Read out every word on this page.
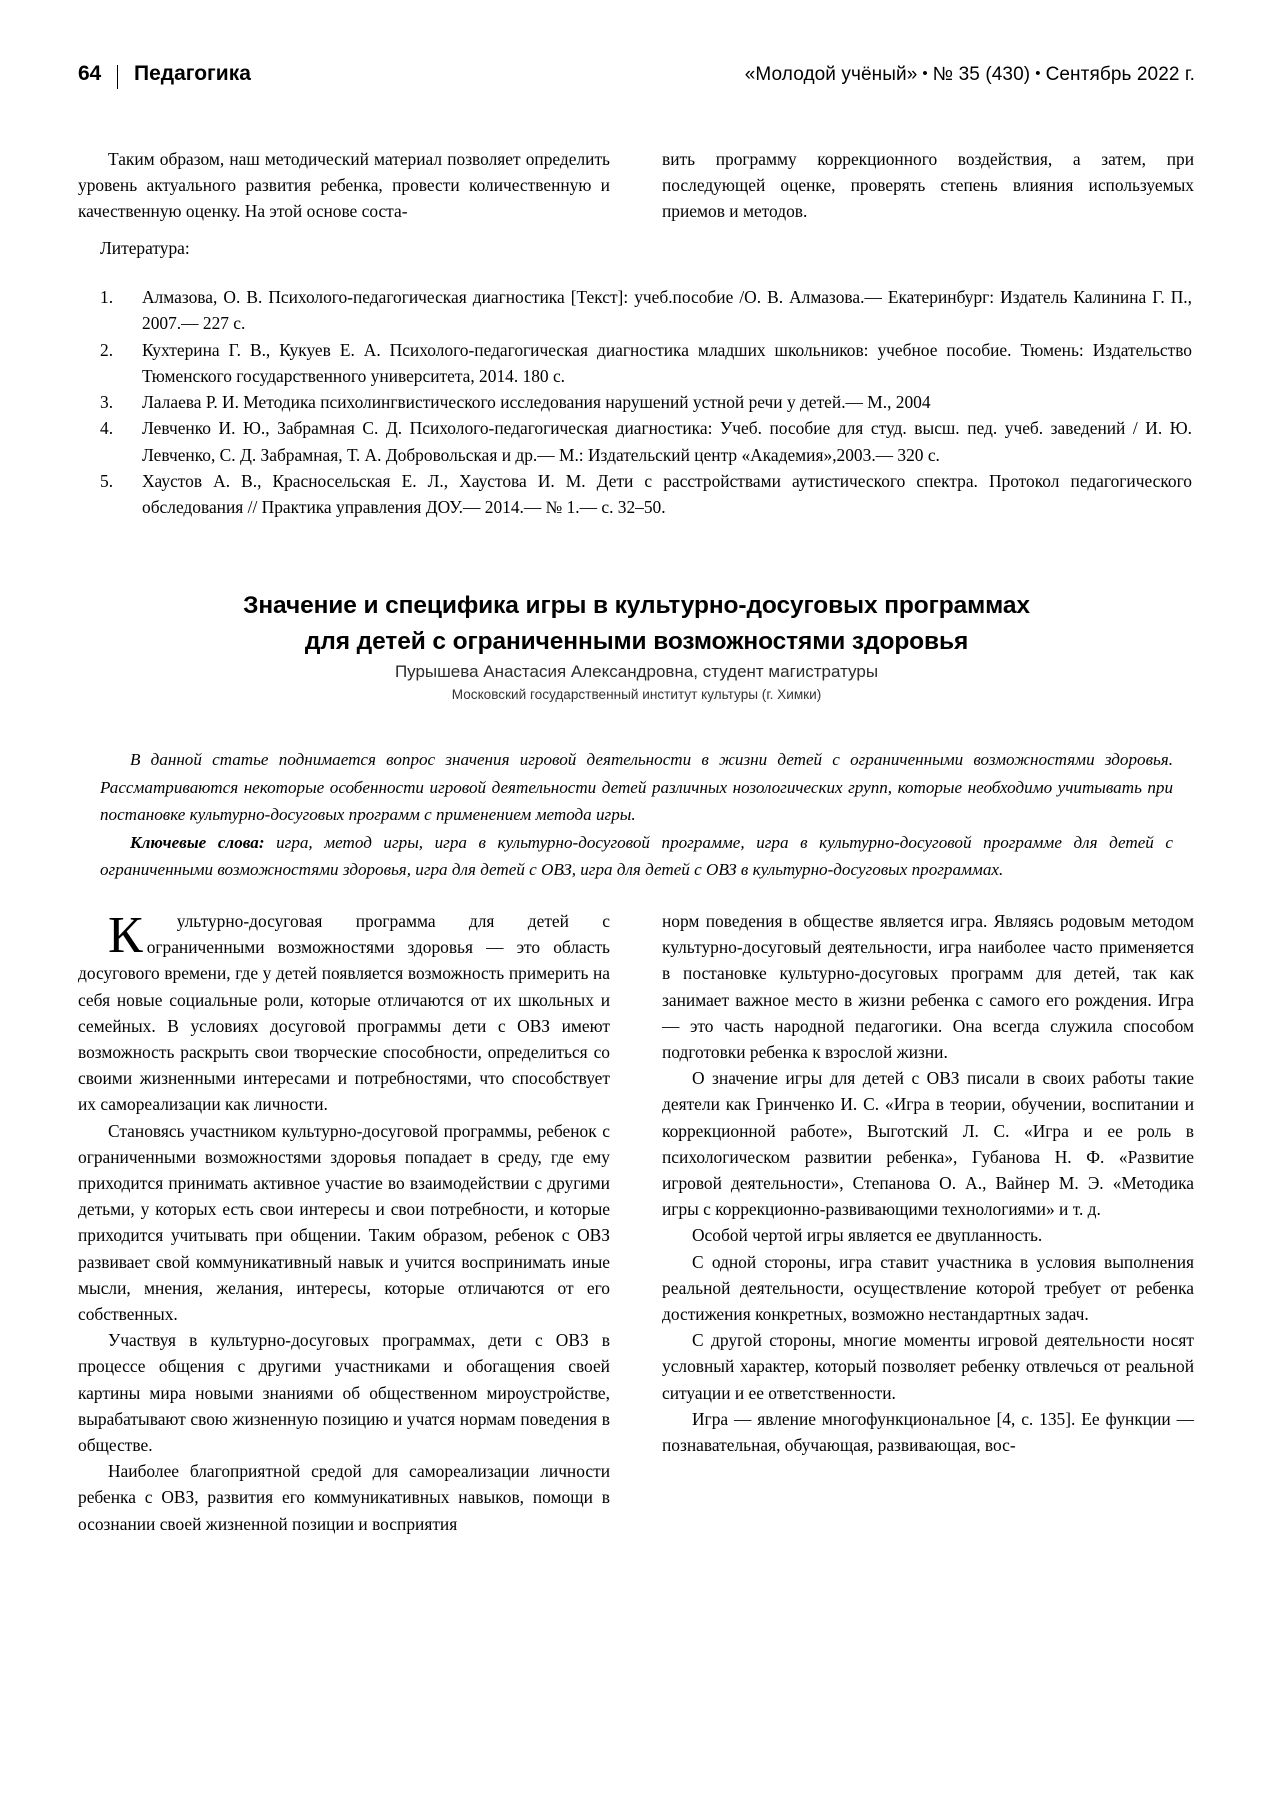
64 Педагогика	«Молодой учёный» • № 35 (430) • Сентябрь 2022 г.

Таким образом, наш методический материал позволяет определить уровень актуального развития ребенка, провести количественную и качественную оценку. На этой основе соста-

вить программу коррекционного воздействия, а затем, при последующей оценке, проверять степень влияния используемых приемов и методов.

Литература:
1.	Алмазова, О. В. Психолого-педагогическая диагностика [Текст]: учеб.пособие /О. В. Алмазова.— Екатеринбург: Издатель Калинина Г. П., 2007.— 227 с.
2.	Кухтерина Г. В., Кукуев Е. А. Психолого-педагогическая диагностика младших школьников: учебное пособие. Тюмень: Издательство Тюменского государственного университета, 2014. 180 с.
3.	Лалаева Р. И. Методика психолингвистического исследования нарушений устной речи у детей.— М., 2004
4.	Левченко И. Ю., Забрамная С. Д. Психолого-педагогическая диагностика: Учеб. пособие для студ. высш. пед. учеб. заведений / И. Ю. Левченко, С. Д. Забрамная, Т. А. Добровольская и др.— М.: Издательский центр «Академия»,2003.— 320 с.
5.	Хаустов А. В., Красносельская Е. Л., Хаустова И. М. Дети с расстройствами аутистического спектра. Протокол педагогического обследования // Практика управления ДОУ.— 2014.— № 1.— с. 32–50.
Значение и специфика игры в культурно-досуговых программах
для детей с ограниченными возможностями здоровья
Пурышева Анастасия Александровна, студент магистратуры
Московский государственный институт культуры (г. Химки)

В данной статье поднимается вопрос значения игровой деятельности в жизни детей с ограниченными возможностями здоровья. Рассматриваются некоторые особенности игровой деятельности детей различных нозологических групп, которые необходимо учитывать при постановке культурно-досуговых программ с применением метода игры.

Ключевые слова: игра, метод игры, игра в культурно-досуговой программе, игра в культурно-досуговой программе для детей с ограниченными возможностями здоровья, игра для детей с ОВЗ, игра для детей с ОВЗ в культурно-досуговых программах.

К ультурно-досуговая программа для детей с ограниченными возможностями здоровья — это область досугового времени, где у детей появляется возможность примерить на себя новые социальные роли, которые отличаются от их школьных и семейных. В условиях досуговой программы дети с ОВЗ имеют возможность раскрыть свои творческие способности, определиться со своими жизненными интересами и потребностями, что способствует их самореализации как личности.

Становясь участником культурно-досуговой программы, ребенок с ограниченными возможностями здоровья попадает в среду, где ему приходится принимать активное участие во взаимодействии с другими детьми, у которых есть свои интересы и свои потребности, и которые приходится учитывать при общении. Таким образом, ребенок с ОВЗ развивает свой коммуникативный навык и учится воспринимать иные мысли, мнения, желания, интересы, которые отличаются от его собственных.

Участвуя в культурно-досуговых программах, дети с ОВЗ в процессе общения с другими участниками и обогащения своей картины мира новыми знаниями об общественном мироустройстве, вырабатывают свою жизненную позицию и учатся нормам поведения в обществе.

Наиболее благоприятной средой для самореализации личности ребенка с ОВЗ, развития его коммуникативных навыков, помощи в осознании своей жизненной позиции и восприятия

норм поведения в обществе является игра. Являясь родовым методом культурно-досуговый деятельности, игра наиболее часто применяется в постановке культурно-досуговых программ для детей, так как занимает важное место в жизни ребенка с самого его рождения. Игра — это часть народной педагогики. Она всегда служила способом подготовки ребенка к взрослой жизни.

О значение игры для детей с ОВЗ писали в своих работы такие деятели как Гринченко И. С. «Игра в теории, обучении, воспитании и коррекционной работе», Выготский Л. С. «Игра и ее роль в психологическом развитии ребенка», Губанова Н. Ф. «Развитие игровой деятельности», Степанова О. А., Вайнер М. Э. «Методика игры с коррекционно-развивающими технологиями» и т. д.

Особой чертой игры является ее двупланность.

С одной стороны, игра ставит участника в условия выполнения реальной деятельности, осуществление которой требует от ребенка достижения конкретных, возможно нестандартных задач.

С другой стороны, многие моменты игровой деятельности носят условный характер, который позволяет ребенку отвлечься от реальной ситуации и ее ответственности.

Игра — явление многофункциональное [4, с. 135]. Ее функции — познавательная, обучающая, развивающая, вос-
